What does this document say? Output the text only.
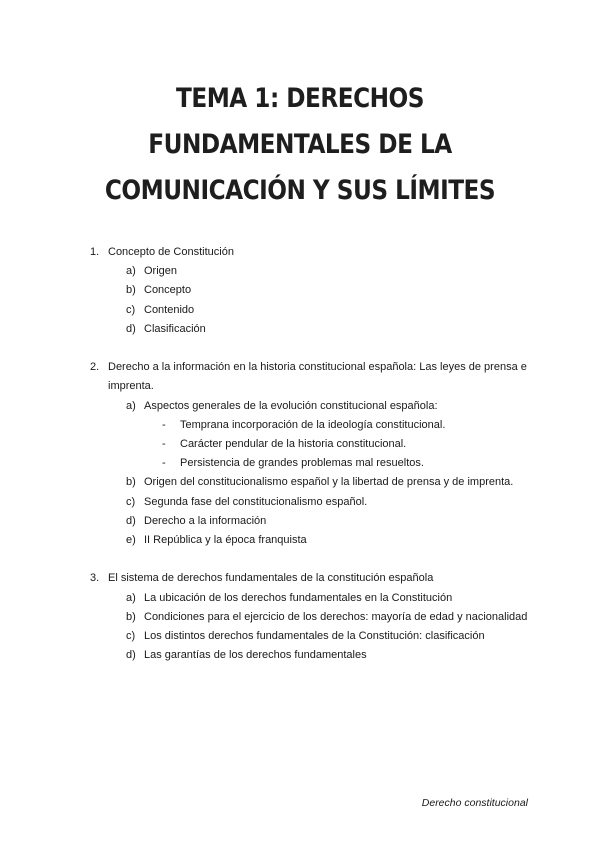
TEMA 1: DERECHOS
FUNDAMENTALES DE LA
COMUNICACIÓN Y SUS LÍMITES
1. Concepto de Constitución
a) Origen
b) Concepto
c) Contenido
d) Clasificación
2. Derecho a la información en la historia constitucional española: Las leyes de prensa e imprenta.
a) Aspectos generales de la evolución constitucional española:
- Temprana incorporación de la ideología constitucional.
- Carácter pendular de la historia constitucional.
- Persistencia de grandes problemas mal resueltos.
b) Origen del constitucionalismo español y la libertad de prensa y de imprenta.
c) Segunda fase del constitucionalismo español.
d) Derecho a la información
e) II República y la época franquista
3. El sistema de derechos fundamentales de la constitución española
a) La ubicación de los derechos fundamentales en la Constitución
b) Condiciones para el ejercicio de los derechos: mayoría de edad y nacionalidad
c) Los distintos derechos fundamentales de la Constitución: clasificación
d) Las garantías de los derechos fundamentales
Derecho constitucional
